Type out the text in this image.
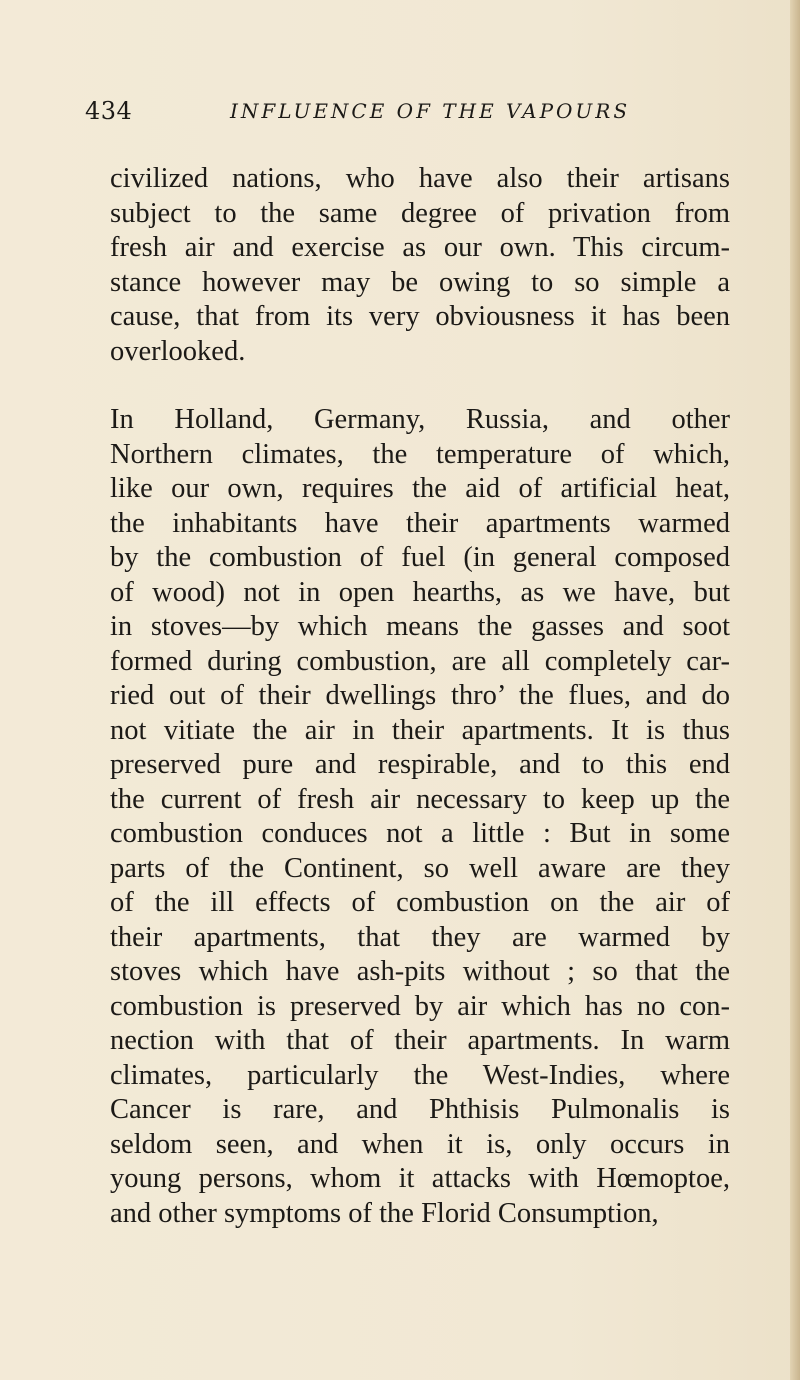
434	INFLUENCE OF THE VAPOURS

civilized nations, who have also their artisans
subject to the same degree of privation from
fresh air and exercise as our own. This circum-
stance however may be owing to so simple a
cause, that from its very obviousness it has been
overlooked.

In Holland, Germany, Russia, and other
Northern climates, the temperature of which,
like our own, requires the aid of artificial heat,
the inhabitants have their apartments warmed
by the combustion of fuel (in general composed
of wood) not in open hearths, as we have, but
in stoves—by which means the gasses and soot
formed during combustion, are all completely car-
ried out of their dwellings thro’ the flues, and do
not vitiate the air in their apartments. It is thus
preserved pure and respirable, and to this end
the current of fresh air necessary to keep up the
combustion conduces not a little : But in some
parts of the Continent, so well aware are they
of the ill effects of combustion on the air of
their apartments, that they are warmed by
stoves which have ash-pits without ; so that the
combustion is preserved by air which has no con-
nection with that of their apartments. In warm
climates, particularly the West-Indies, where
Cancer is rare, and Phthisis Pulmonalis is
seldom seen, and when it is, only occurs in
young persons, whom it attacks with Hœmoptoe,
and other symptoms of the Florid Consumption,
